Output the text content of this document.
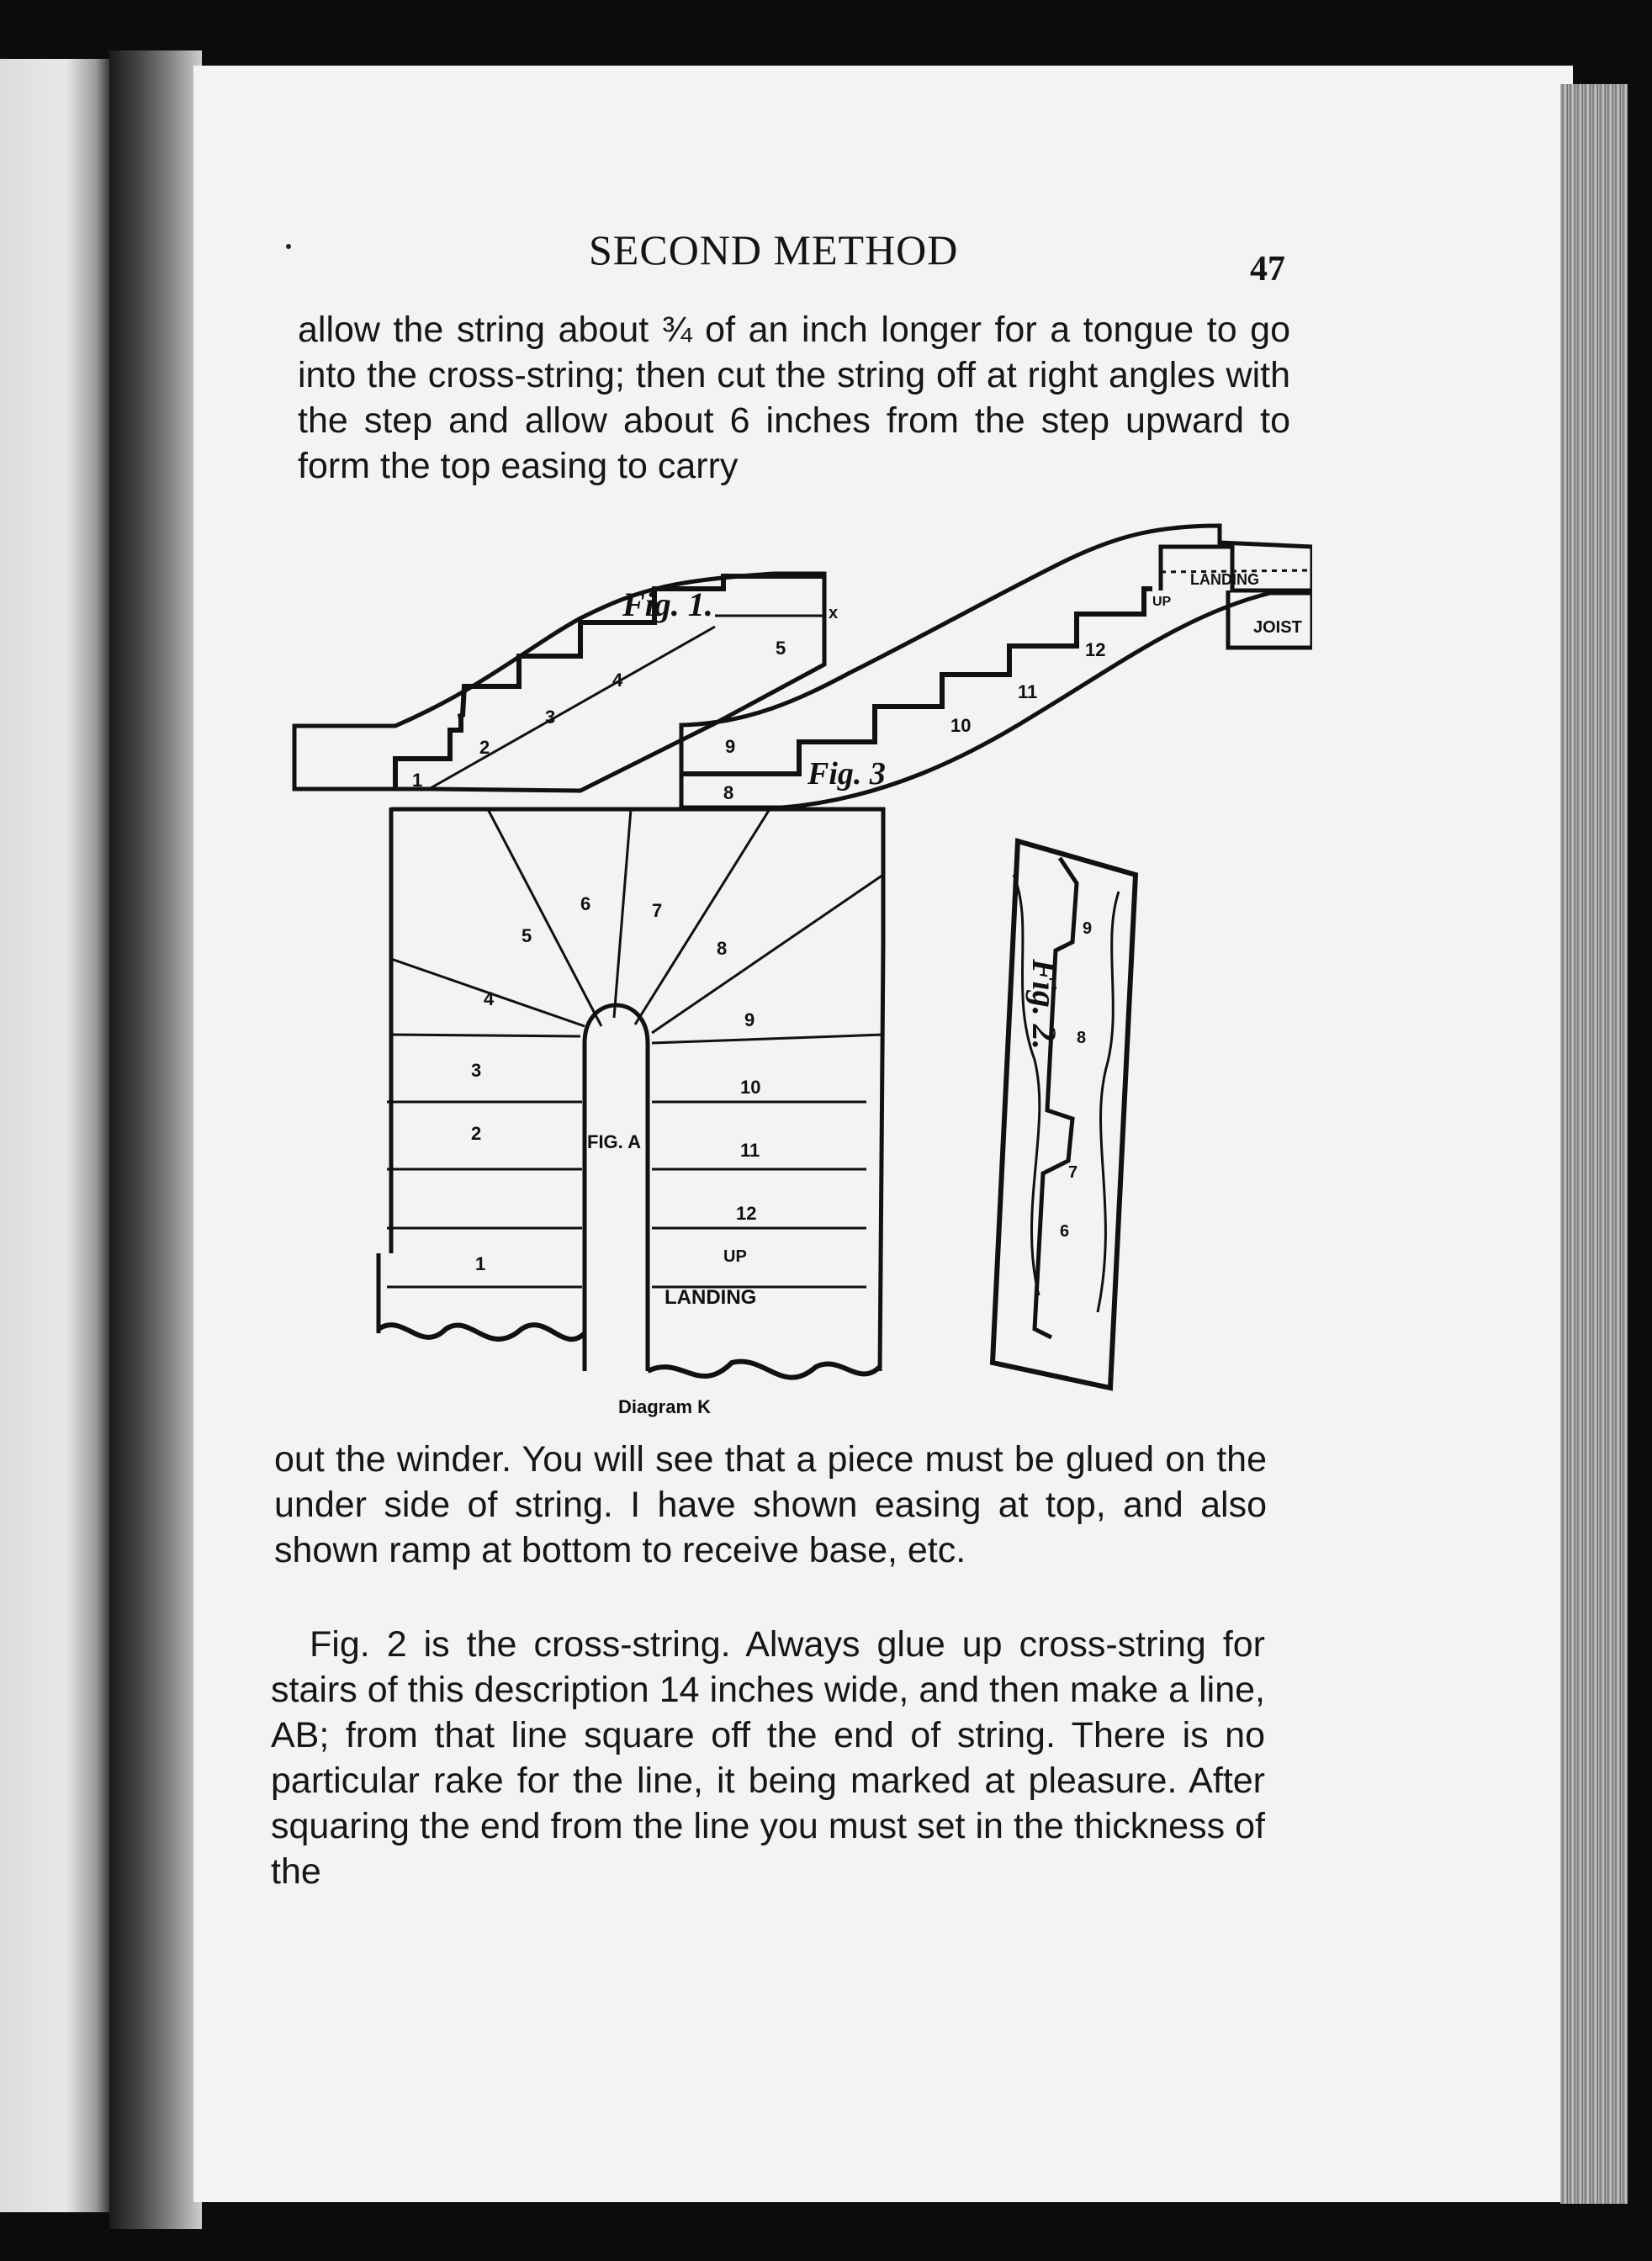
SECOND METHOD	47

allow the string about ¾ of an inch longer for a tongue to go into the cross-string; then cut the string off at right angles with the step and allow about 6 inches from the step upward to form the top easing to carry

Fig. 1.
Fig. 3
LANDING
JOIST
UP
x
1
2
3
4
5
8
9
10
11
12
1
2
3
4
5
6	7
8
9
10
11
12
FIG. A
UP
LANDING
Diagram K
Fig. 2.
9
7
6
8

out the winder. You will see that a piece must be glued on the under side of string. I have shown easing at top, and also shown ramp at bottom to receive base, etc.

Fig. 2 is the cross-string. Always glue up cross-string for stairs of this description 14 inches wide, and then make a line, AB; from that line square off the end of string. There is no particular rake for the line, it being marked at pleasure. After squaring the end from the line you must set in the thickness of the
